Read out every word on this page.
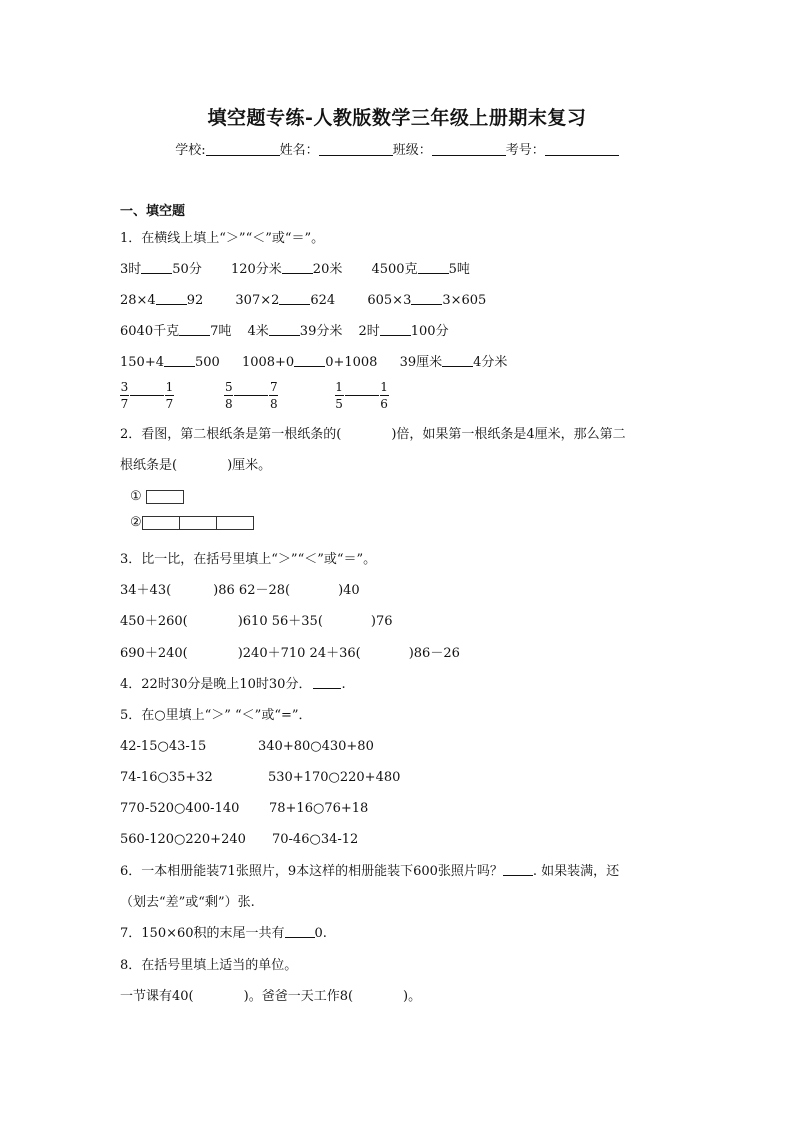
填空题专练-人教版数学三年级上册期末复习
学校:	姓名：	班级：	考号：
一、填空题
1．在横线上填上“＞”“＜”或“＝”。
3时 50分 120分米 20米 4500克 5吨
28×4 92 307×2 624 605×3 3×605
6040千克 7吨 4米 39分米 2时 100分
150+4 500 1008+0 0+1008 39厘米 4分米
$\frac{3}{7}$	$\frac{1}{7}$
	$\frac{5}{8}$	$\frac{7}{8}$
	$\frac{1}{5}$	$\frac{1}{6}$
2．看图，第二根纸条是第一根纸条的(	)倍，如果第一根纸条是4厘米，那么第二
根纸条是(	)厘米。
①
②
3．比一比，在括号里填上“＞”“＜”或“＝”。
34＋43(	)86 62－28(	)40
450＋260(	)610 56＋35(	)76
690＋240(	)240＋710 24＋36(	)86－26
4．22时30分是晚上10时30分． .
5．在○里填上“＞” “＜”或“=”．
42-15○43-15	340+80○430+80
74-16○35+32	530+170○220+480
770-520○400-140 78+16○76+18
560-120○220+240 70-46○34-12
6．一本相册能装71张照片，9本这样的相册能装下600张照片吗？ . 如果装满，还
（划去“差”或“剩”）张.
7．150×60积的末尾一共有 0.
8．在括号里填上适当的单位。
一节课有40(	)。爸爸一天工作8(	)。
